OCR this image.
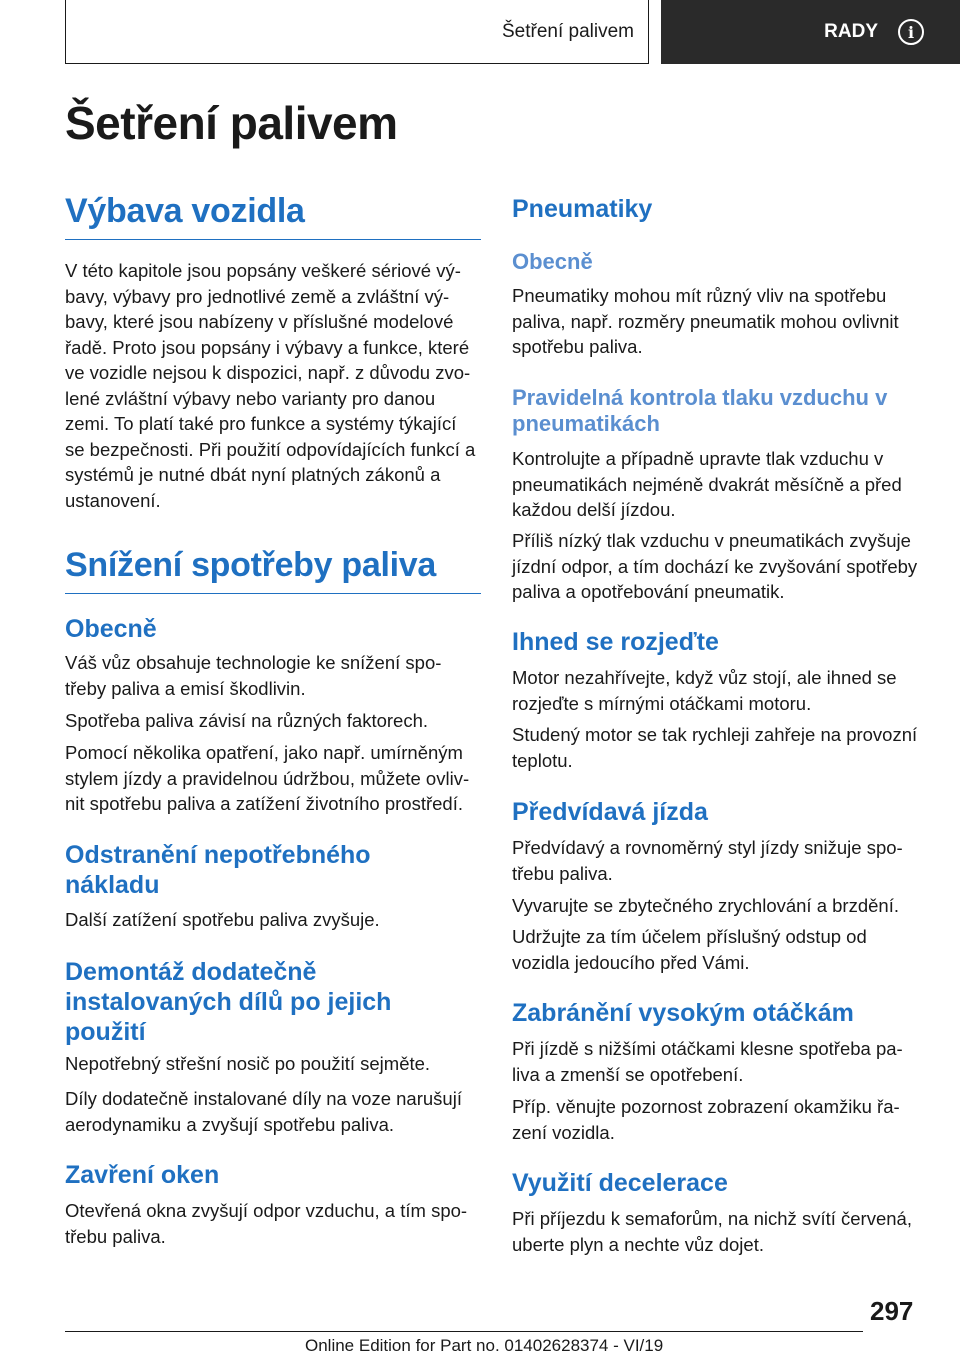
Šetření palivem	RADY i
Šetření palivem
Výbava vozidla
V této kapitole jsou popsány veškeré sériové vý‐
bavy, výbavy pro jednotlivé země a zvláštní vý‐
bavy, které jsou nabízeny v příslušné modelové
řadě. Proto jsou popsány i výbavy a funkce, které
ve vozidle nejsou k dispozici, např. z důvodu zvo‐
lené zvláštní výbavy nebo varianty pro danou
zemi. To platí také pro funkce a systémy týkající
se bezpečnosti. Při použití odpovídajících funkcí a
systémů je nutné dbát nyní platných zákonů a
ustanovení.
Snížení spotřeby paliva
Obecně
Váš vůz obsahuje technologie ke snížení spo‐
třeby paliva a emisí škodlivin.
Spotřeba paliva závisí na různých faktorech.
Pomocí několika opatření, jako např. umírněným
stylem jízdy a pravidelnou údržbou, můžete ovliv‐
nit spotřebu paliva a zatížení životního prostředí.
Odstranění nepotřebného
nákladu
Další zatížení spotřebu paliva zvyšuje.
Demontáž dodatečně
instalovaných dílů po jejich
použití
Nepotřebný střešní nosič po použití sejměte.
Díly dodatečně instalované díly na voze narušují
aerodynamiku a zvyšují spotřebu paliva.
Zavření oken
Otevřená okna zvyšují odpor vzduchu, a tím spo‐
třebu paliva.
Pneumatiky
Obecně
Pneumatiky mohou mít různý vliv na spotřebu
paliva, např. rozměry pneumatik mohou ovlivnit
spotřebu paliva.
Pravidelná kontrola tlaku vzduchu v
pneumatikách
Kontrolujte a případně upravte tlak vzduchu v
pneumatikách nejméně dvakrát měsíčně a před
každou delší jízdou.
Příliš nízký tlak vzduchu v pneumatikách zvyšuje
jízdní odpor, a tím dochází ke zvyšování spotřeby
paliva a opotřebování pneumatik.
Ihned se rozjeďte
Motor nezahřívejte, když vůz stojí, ale ihned se
rozjeďte s mírnými otáčkami motoru.
Studený motor se tak rychleji zahřeje na provozní
teplotu.
Předvídavá jízda
Předvídavý a rovnoměrný styl jízdy snižuje spo‐
třebu paliva.
Vyvarujte se zbytečného zrychlování a brzdění.
Udržujte za tím účelem příslušný odstup od
vozidla jedoucího před Vámi.
Zabránění vysokým otáčkám
Při jízdě s nižšími otáčkami klesne spotřeba pa‐
liva a zmenší se opotřebení.
Příp. věnujte pozornost zobrazení okamžiku řa‐
zení vozidla.
Využití decelerace
Při příjezdu k semaforům, na nichž svítí červená,
uberte plyn a nechte vůz dojet.
297
Online Edition for Part no. 01402628374 - VI/19
